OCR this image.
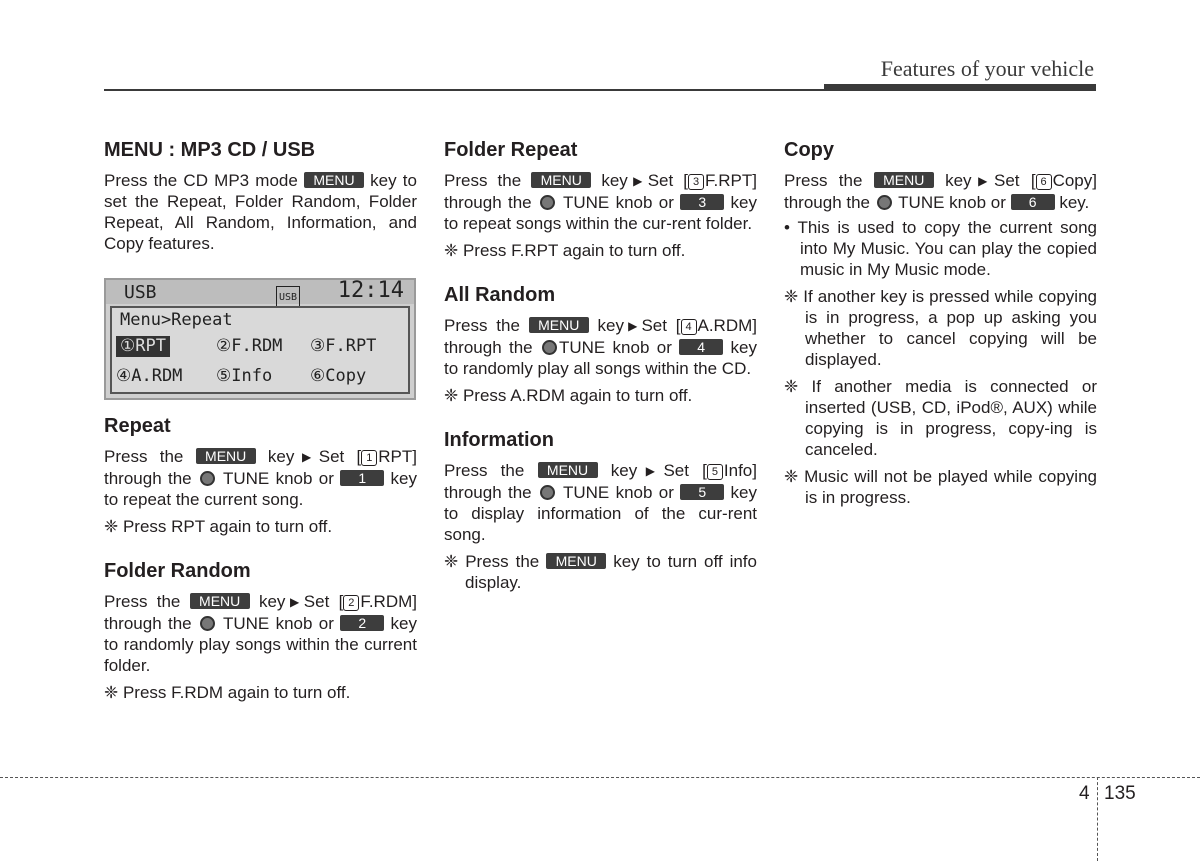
Features of your vehicle
MENU : MP3 CD / USB

Press the CD MP3 mode MENU key to set the Repeat, Folder Random, Folder Repeat, All Random, Information, and Copy features.

USB	USB 12:14
Menu>Repeat
①RPT	②F.RDM ③F.RPT
④A.RDM ⑤Info ⑥Copy
Repeat

Press the MENU key▶Set [ 1 RPT] through the  TUNE knob or 1 key to repeat the current song.

❈ Press RPT again to turn off.
Folder Random

Press the MENU key▶Set [ 2 F.RDM] through the  TUNE knob or 2 key to randomly play songs within the current folder.

❈ Press F.RDM again to turn off.
Folder Repeat

Press the MENU key▶Set [ 3 F.RPT] through the  TUNE knob or 3 key to repeat songs within the cur-rent folder.

❈ Press F.RPT again to turn off.
All Random

Press the MENU key▶Set [ 4 A.RDM] through the TUNE knob or 4 key to randomly play all songs within the CD.

❈ Press A.RDM again to turn off.
Information

Press the MENU key▶Set [ 5 Info] through the  TUNE knob or 5 key to display information of the cur-rent song.

❈ Press the MENU key to turn off info display.
Copy

Press the MENU key▶Set [ 6 Copy] through the  TUNE knob or 6 key.

• This is used to copy the current song into My Music. You can play the copied music in My Music mode.
❈ If another key is pressed while copying is in progress, a pop up asking you whether to cancel copying will be displayed.
❈ If another media is connected or inserted (USB, CD, iPod®, AUX) while copying is in progress, copy-ing is canceled.
❈ Music will not be played while copying is in progress.
4 135
